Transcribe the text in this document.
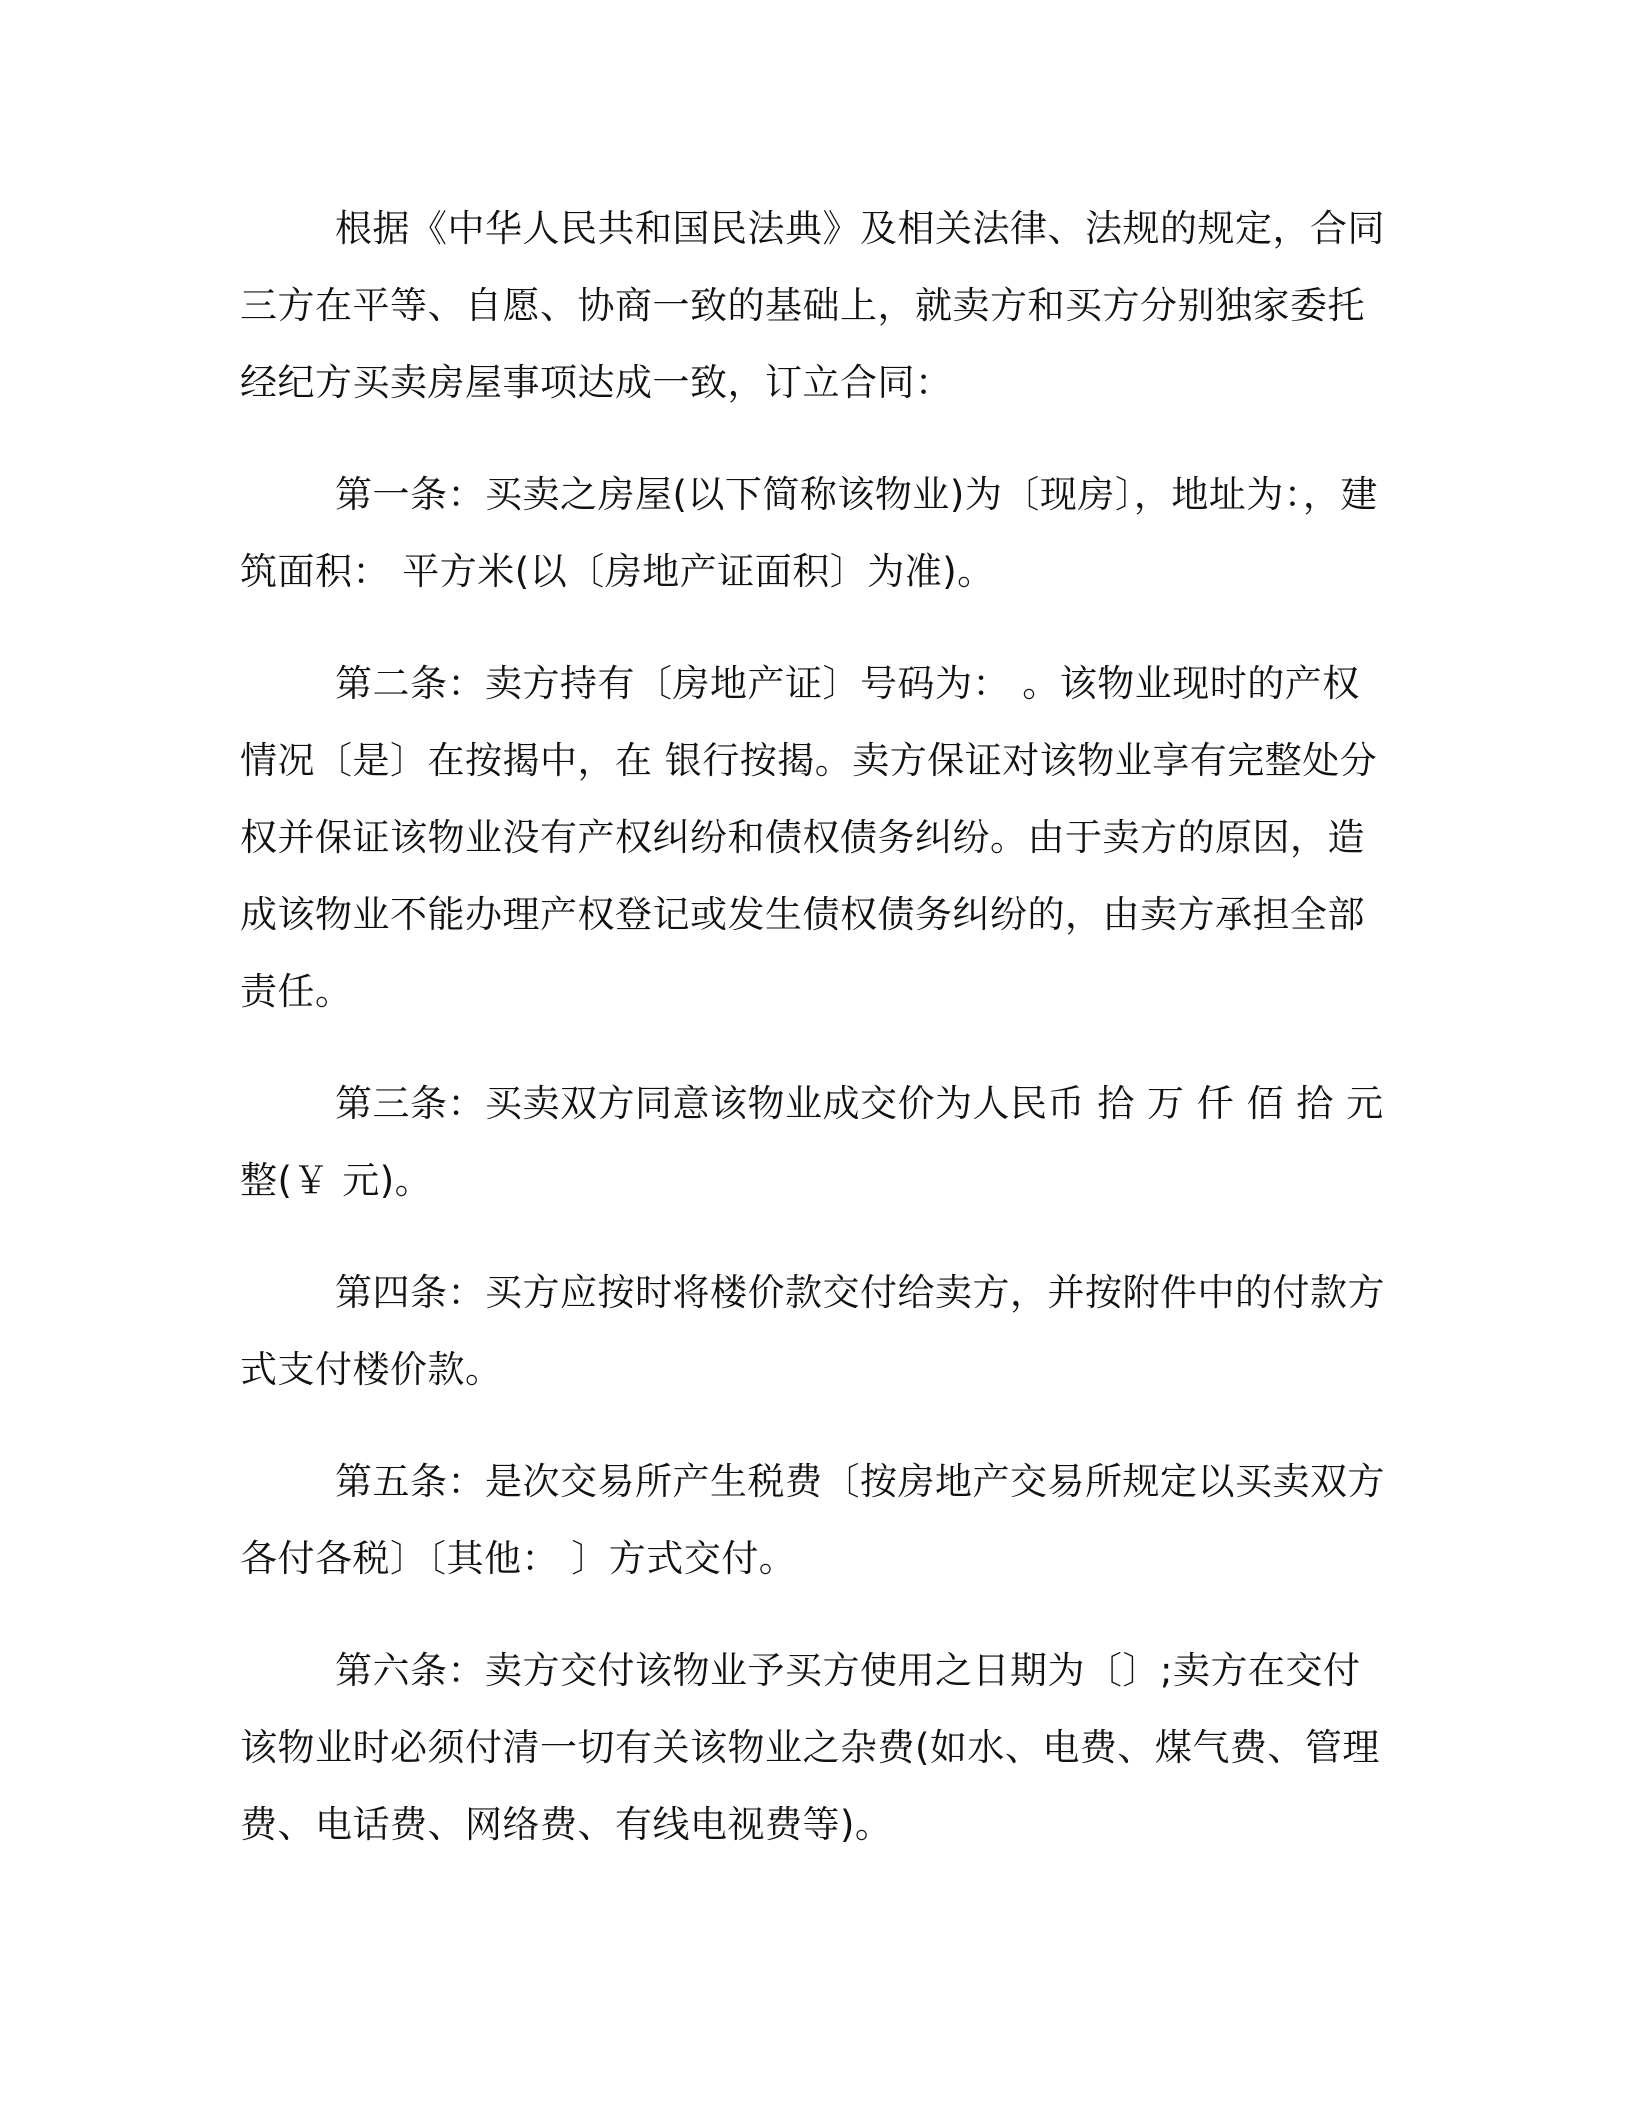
根据《中华人民共和国民法典》及相关法律、法规的规定，合同三方在平等、自愿、协商一致的基础上，就卖方和买方分别独家委托经纪方买卖房屋事项达成一致，订立合同：

第一条：买卖之房屋(以下简称该物业)为〔现房〕，地址为：，建筑面积： 平方米(以〔房地产证面积〕为准)。

第二条：卖方持有〔房地产证〕号码为： 。该物业现时的产权情况〔是〕在按揭中，在 银行按揭。卖方保证对该物业享有完整处分权并保证该物业没有产权纠纷和债权债务纠纷。由于卖方的原因，造成该物业不能办理产权登记或发生债权债务纠纷的，由卖方承担全部责任。

第三条：买卖双方同意该物业成交价为人民币 拾 万 仟 佰 拾 元整(￥ 元)。

第四条：买方应按时将楼价款交付给卖方，并按附件中的付款方式支付楼价款。

第五条：是次交易所产生税费〔按房地产交易所规定以买卖双方各付各税〕〔其他： 〕方式交付。

第六条：卖方交付该物业予买方使用之日期为〔〕;卖方在交付该物业时必须付清一切有关该物业之杂费(如水、电费、煤气费、管理费、电话费、网络费、有线电视费等)。
